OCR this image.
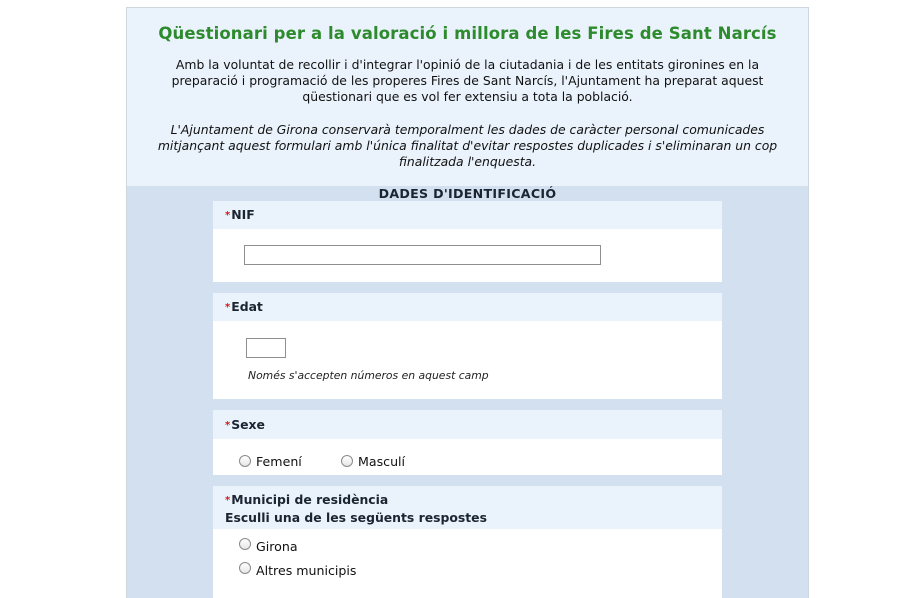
Qüestionari per a la valoració i millora de les Fires de Sant Narcís

Amb la voluntat de recollir i d'integrar l'opinió de la ciutadania i de les entitats gironines en la preparació i programació de les properes Fires de Sant Narcís, l'Ajuntament ha preparat aquest qüestionari que es vol fer extensiu a tota la població.

L'Ajuntament de Girona conservarà temporalment les dades de caràcter personal comunicades mitjançant aquest formulari amb l'única finalitat d'evitar respostes duplicades i s'eliminaran un cop finalitzada l'enquesta.

DADES D'IDENTIFICACIÓ
*NIF
*Edat
Només s'accepten números en aquest camp
*Sexe
Femení	Masculí
*Municipi de residència
Esculli una de les següents respostes
Girona
Altres municipis
